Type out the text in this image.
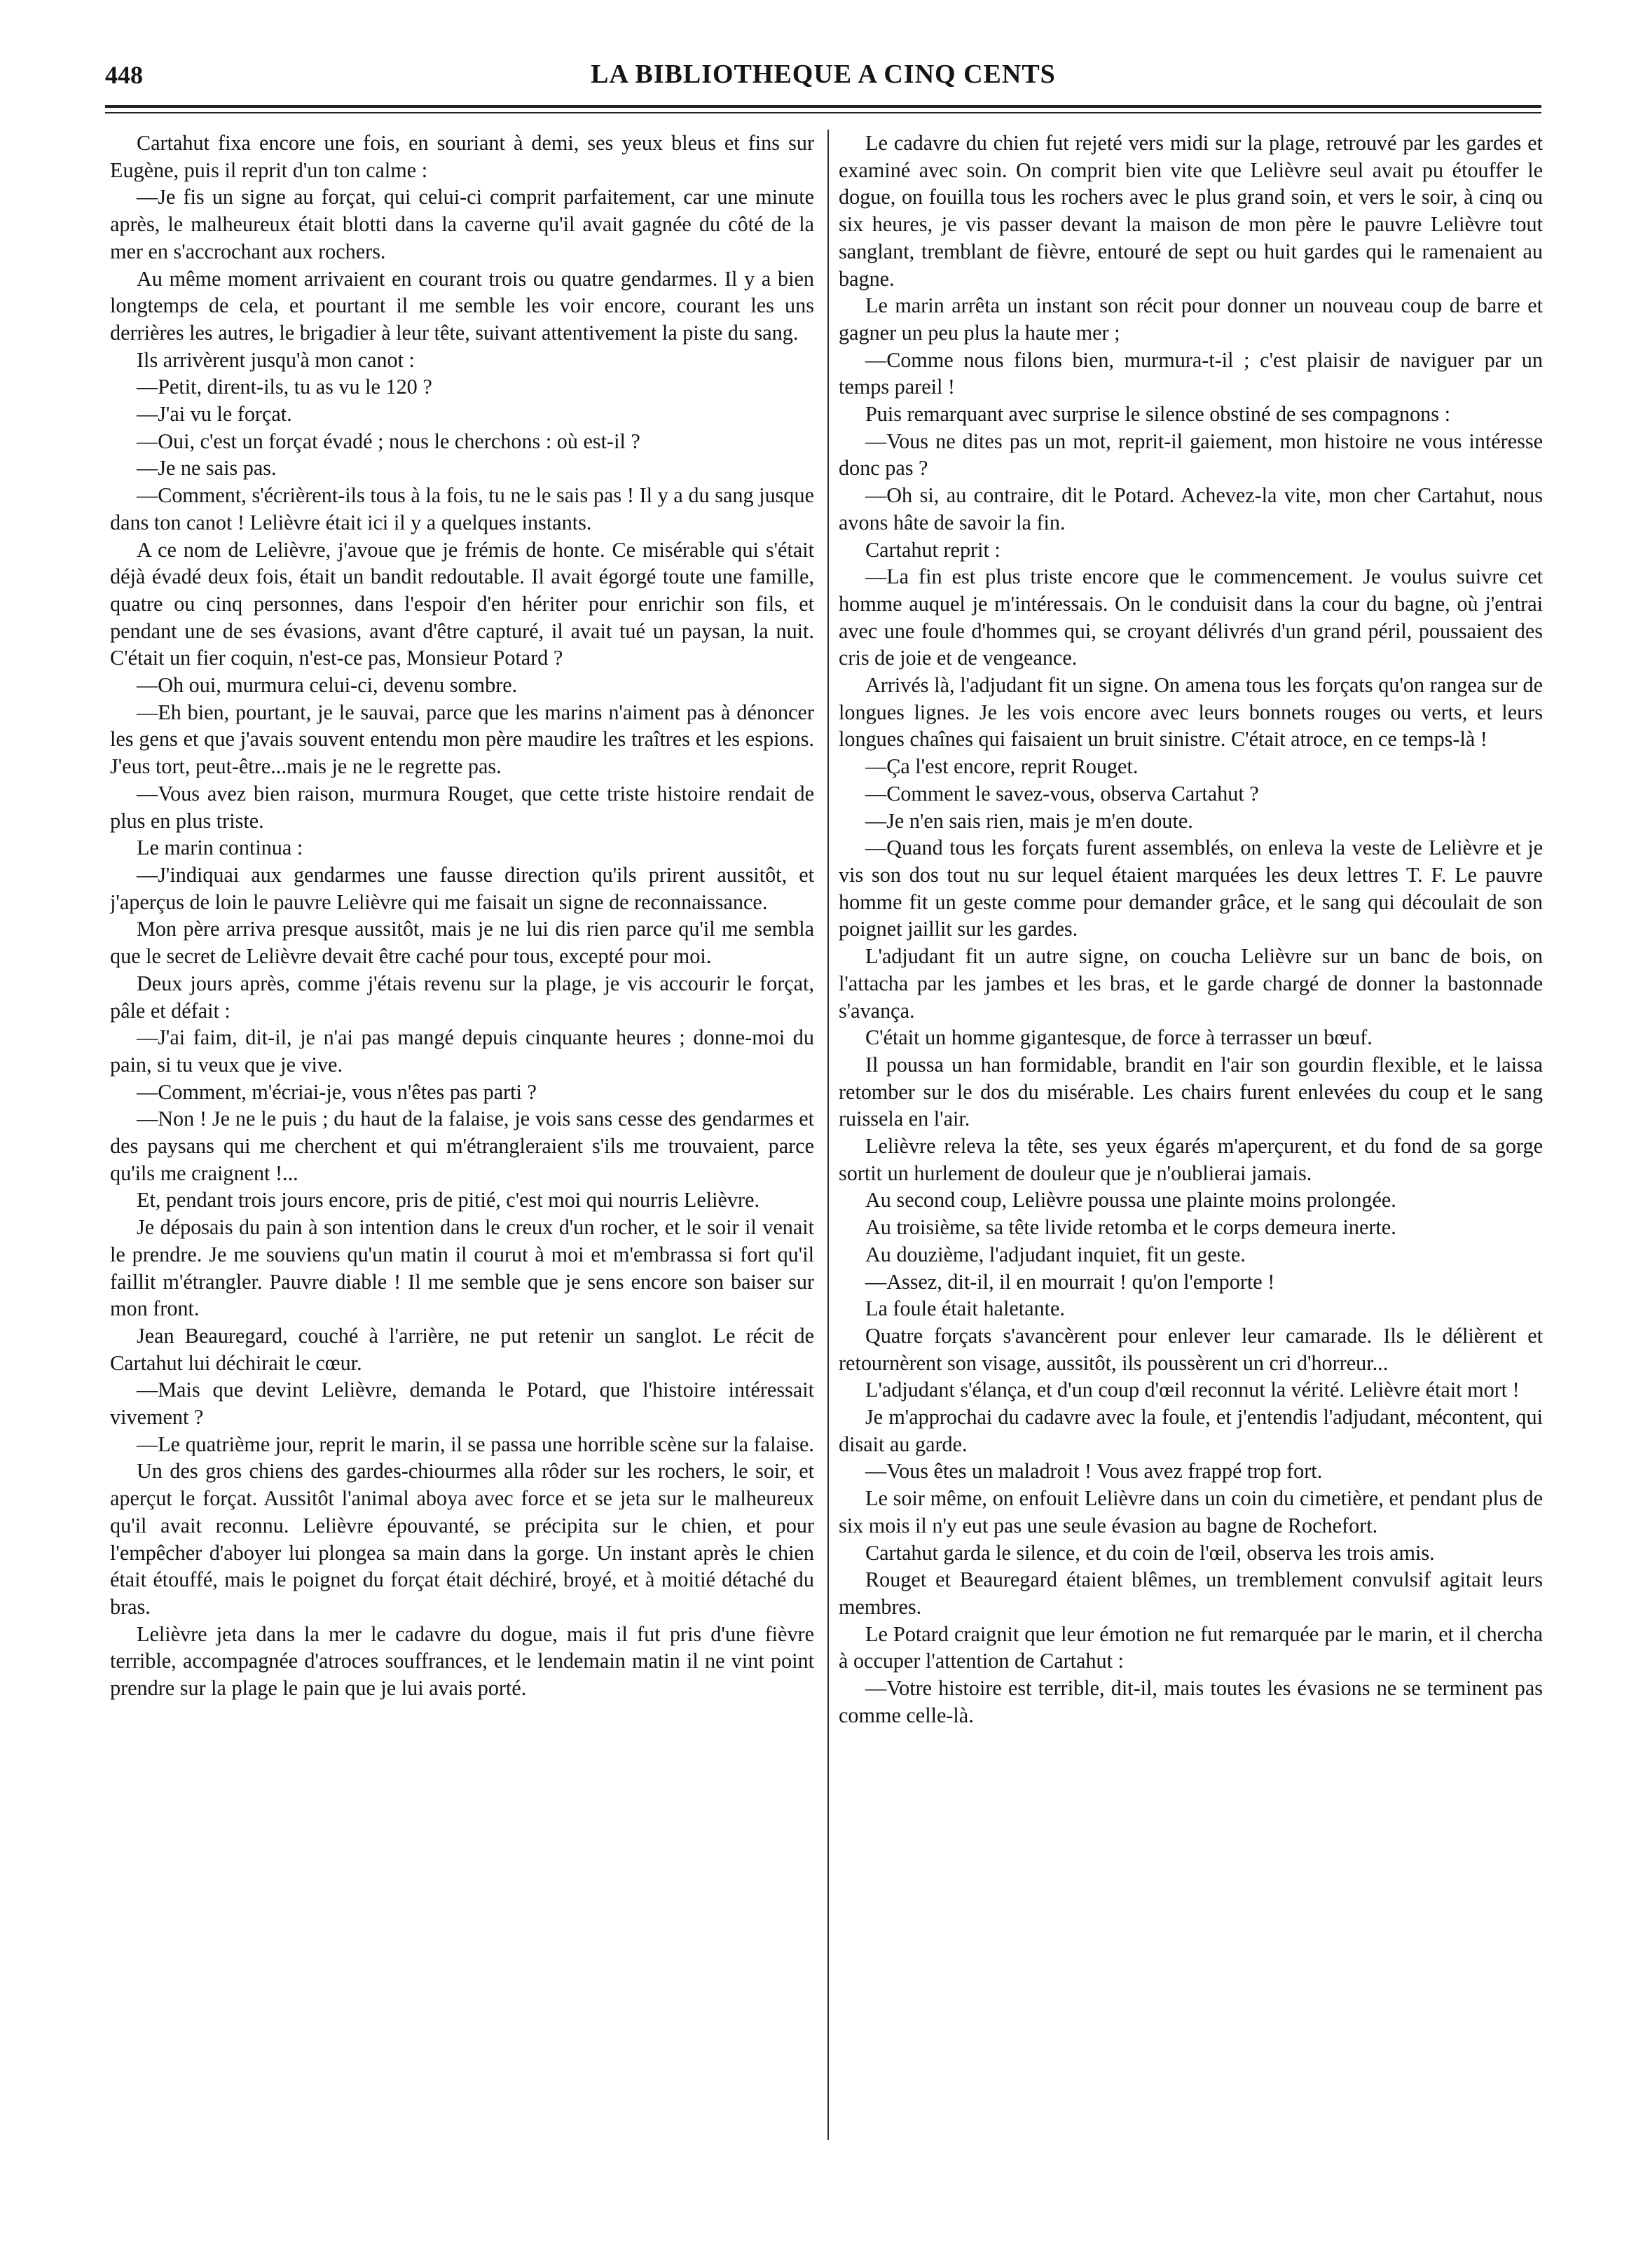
448	LA BIBLIOTHEQUE A CINQ CENTS

Cartahut fixa encore une fois, en souriant à demi, ses yeux bleus et fins sur Eugène, puis il reprit d'un ton calme :

—Je fis un signe au forçat, qui celui-ci comprit parfaitement, car une minute après, le malheureux était blotti dans la caverne qu'il avait gagnée du côté de la mer en s'accrochant aux rochers.

Au même moment arrivaient en courant trois ou quatre gendarmes. Il y a bien longtemps de cela, et pourtant il me semble les voir encore, courant les uns derrières les autres, le brigadier à leur tête, suivant attentivement la piste du sang.

Ils arrivèrent jusqu'à mon canot :

—Petit, dirent-ils, tu as vu le 120 ?

—J'ai vu le forçat.

—Oui, c'est un forçat évadé ; nous le cherchons : où est-il ?

—Je ne sais pas.

—Comment, s'écrièrent-ils tous à la fois, tu ne le sais pas ! Il y a du sang jusque dans ton canot ! Lelièvre était ici il y a quelques instants.

A ce nom de Lelièvre, j'avoue que je frémis de honte. Ce misérable qui s'était déjà évadé deux fois, était un bandit redoutable. Il avait égorgé toute une famille, quatre ou cinq personnes, dans l'espoir d'en hériter pour enrichir son fils, et pendant une de ses évasions, avant d'être capturé, il avait tué un paysan, la nuit. C'était un fier coquin, n'est-ce pas, Monsieur Potard ?

—Oh oui, murmura celui-ci, devenu sombre.

—Eh bien, pourtant, je le sauvai, parce que les marins n'aiment pas à dénoncer les gens et que j'avais souvent entendu mon père maudire les traîtres et les espions. J'eus tort, peut-être...mais je ne le regrette pas.

—Vous avez bien raison, murmura Rouget, que cette triste histoire rendait de plus en plus triste.

Le marin continua :

—J'indiquai aux gendarmes une fausse direction qu'ils prirent aussitôt, et j'aperçus de loin le pauvre Lelièvre qui me faisait un signe de reconnaissance.

Mon père arriva presque aussitôt, mais je ne lui dis rien parce qu'il me sembla que le secret de Lelièvre devait être caché pour tous, excepté pour moi.

Deux jours après, comme j'étais revenu sur la plage, je vis accourir le forçat, pâle et défait :

—J'ai faim, dit-il, je n'ai pas mangé depuis cinquante heures ; donne-moi du pain, si tu veux que je vive.

—Comment, m'écriai-je, vous n'êtes pas parti ?

—Non ! Je ne le puis ; du haut de la falaise, je vois sans cesse des gendarmes et des paysans qui me cherchent et qui m'étrangleraient s'ils me trouvaient, parce qu'ils me craignent !...

Et, pendant trois jours encore, pris de pitié, c'est moi qui nourris Lelièvre.

Je déposais du pain à son intention dans le creux d'un rocher, et le soir il venait le prendre. Je me souviens qu'un matin il courut à moi et m'embrassa si fort qu'il faillit m'étrangler. Pauvre diable ! Il me semble que je sens encore son baiser sur mon front.

Jean Beauregard, couché à l'arrière, ne put retenir un sanglot. Le récit de Cartahut lui déchirait le cœur.

—Mais que devint Lelièvre, demanda le Potard, que l'histoire intéressait vivement ?

—Le quatrième jour, reprit le marin, il se passa une horrible scène sur la falaise.

Un des gros chiens des gardes-chiourmes alla rôder sur les rochers, le soir, et aperçut le forçat. Aussitôt l'animal aboya avec force et se jeta sur le malheureux qu'il avait reconnu. Lelièvre épouvanté, se précipita sur le chien, et pour l'empêcher d'aboyer lui plongea sa main dans la gorge. Un instant après le chien était étouffé, mais le poignet du forçat était déchiré, broyé, et à moitié détaché du bras.

Lelièvre jeta dans la mer le cadavre du dogue, mais il fut pris d'une fièvre terrible, accompagnée d'atroces souffrances, et le lendemain matin il ne vint point prendre sur la plage le pain que je lui avais porté.

Le cadavre du chien fut rejeté vers midi sur la plage, retrouvé par les gardes et examiné avec soin. On comprit bien vite que Lelièvre seul avait pu étouffer le dogue, on fouilla tous les rochers avec le plus grand soin, et vers le soir, à cinq ou six heures, je vis passer devant la maison de mon père le pauvre Lelièvre tout sanglant, tremblant de fièvre, entouré de sept ou huit gardes qui le ramenaient au bagne.

Le marin arrêta un instant son récit pour donner un nouveau coup de barre et gagner un peu plus la haute mer ;

—Comme nous filons bien, murmura-t-il ; c'est plaisir de naviguer par un temps pareil !

Puis remarquant avec surprise le silence obstiné de ses compagnons :

—Vous ne dites pas un mot, reprit-il gaiement, mon histoire ne vous intéresse donc pas ?

—Oh si, au contraire, dit le Potard. Achevez-la vite, mon cher Cartahut, nous avons hâte de savoir la fin.

Cartahut reprit :

—La fin est plus triste encore que le commencement. Je voulus suivre cet homme auquel je m'intéressais. On le conduisit dans la cour du bagne, où j'entrai avec une foule d'hommes qui, se croyant délivrés d'un grand péril, poussaient des cris de joie et de vengeance.

Arrivés là, l'adjudant fit un signe. On amena tous les forçats qu'on rangea sur de longues lignes. Je les vois encore avec leurs bonnets rouges ou verts, et leurs longues chaînes qui faisaient un bruit sinistre. C'était atroce, en ce temps-là !

—Ça l'est encore, reprit Rouget.

—Comment le savez-vous, observa Cartahut ?

—Je n'en sais rien, mais je m'en doute.

—Quand tous les forçats furent assemblés, on enleva la veste de Lelièvre et je vis son dos tout nu sur lequel étaient marquées les deux lettres T. F. Le pauvre homme fit un geste comme pour demander grâce, et le sang qui découlait de son poignet jaillit sur les gardes.

L'adjudant fit un autre signe, on coucha Lelièvre sur un banc de bois, on l'attacha par les jambes et les bras, et le garde chargé de donner la bastonnade s'avança.

C'était un homme gigantesque, de force à terrasser un bœuf.

Il poussa un han formidable, brandit en l'air son gourdin flexible, et le laissa retomber sur le dos du misérable. Les chairs furent enlevées du coup et le sang ruissela en l'air.

Lelièvre releva la tête, ses yeux égarés m'aperçurent, et du fond de sa gorge sortit un hurlement de douleur que je n'oublierai jamais.

Au second coup, Lelièvre poussa une plainte moins prolongée.

Au troisième, sa tête livide retomba et le corps demeura inerte.

Au douzième, l'adjudant inquiet, fit un geste.

—Assez, dit-il, il en mourrait ! qu'on l'emporte !

La foule était haletante.

Quatre forçats s'avancèrent pour enlever leur camarade. Ils le délièrent et retournèrent son visage, aussitôt, ils poussèrent un cri d'horreur...

L'adjudant s'élança, et d'un coup d'œil reconnut la vérité. Lelièvre était mort !

Je m'approchai du cadavre avec la foule, et j'entendis l'adjudant, mécontent, qui disait au garde.

—Vous êtes un maladroit ! Vous avez frappé trop fort.

Le soir même, on enfouit Lelièvre dans un coin du cimetière, et pendant plus de six mois il n'y eut pas une seule évasion au bagne de Rochefort.

Cartahut garda le silence, et du coin de l'œil, observa les trois amis.

Rouget et Beauregard étaient blêmes, un tremblement convulsif agitait leurs membres.

Le Potard craignit que leur émotion ne fut remarquée par le marin, et il chercha à occuper l'attention de Cartahut :

—Votre histoire est terrible, dit-il, mais toutes les évasions ne se terminent pas comme celle-là.
